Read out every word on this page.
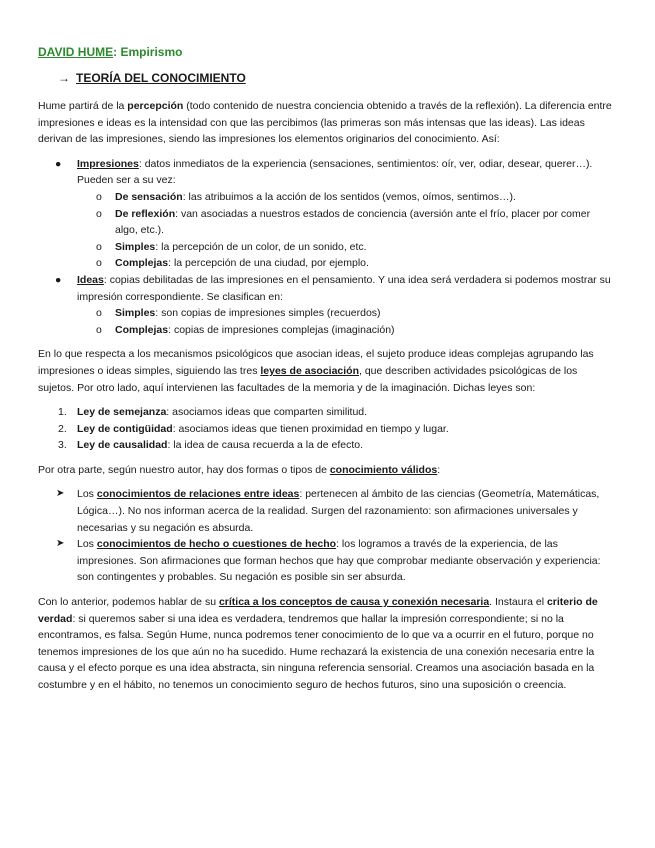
DAVID HUME: Empirismo
→ TEORÍA DEL CONOCIMIENTO

Hume partirá de la percepción (todo contenido de nuestra conciencia obtenido a través de la reflexión). La diferencia entre impresiones e ideas es la intensidad con que las percibimos (las primeras son más intensas que las ideas). Las ideas derivan de las impresiones, siendo las impresiones los elementos originarios del conocimiento. Así:

● Impresiones: datos inmediatos de la experiencia (sensaciones, sentimientos: oír, ver, odiar, desear, querer…). Pueden ser a su vez:
o De sensación: las atribuimos a la acción de los sentidos (vemos, oímos, sentimos…).
o De reflexión: van asociadas a nuestros estados de conciencia (aversión ante el frío, placer por comer algo, etc.).
o Simples: la percepción de un color, de un sonido, etc.
o Complejas: la percepción de una ciudad, por ejemplo.
● Ideas: copias debilitadas de las impresiones en el pensamiento. Y una idea será verdadera si podemos mostrar su impresión correspondiente. Se clasifican en:
o Simples: son copias de impresiones simples (recuerdos)
o Complejas: copias de impresiones complejas (imaginación)

En lo que respecta a los mecanismos psicológicos que asocian ideas, el sujeto produce ideas complejas agrupando las impresiones o ideas simples, siguiendo las tres leyes de asociación, que describen actividades psicológicas de los sujetos. Por otro lado, aquí intervienen las facultades de la memoria y de la imaginación. Dichas leyes son:

1. Ley de semejanza: asociamos ideas que comparten similitud.
2. Ley de contigüidad: asociamos ideas que tienen proximidad en tiempo y lugar.
3. Ley de causalidad: la idea de causa recuerda a la de efecto.

Por otra parte, según nuestro autor, hay dos formas o tipos de conocimiento válidos:

➤ Los conocimientos de relaciones entre ideas: pertenecen al ámbito de las ciencias (Geometría, Matemáticas, Lógica…). No nos informan acerca de la realidad. Surgen del razonamiento: son afirmaciones universales y necesarias y su negación es absurda.
➤ Los conocimientos de hecho o cuestiones de hecho: los logramos a través de la experiencia, de las impresiones. Son afirmaciones que forman hechos que hay que comprobar mediante observación y experiencia: son contingentes y probables. Su negación es posible sin ser absurda.

Con lo anterior, podemos hablar de su crítica a los conceptos de causa y conexión necesaria. Instaura el criterio de verdad: si queremos saber si una idea es verdadera, tendremos que hallar la impresión correspondiente; si no la encontramos, es falsa. Según Hume, nunca podremos tener conocimiento de lo que va a ocurrir en el futuro, porque no tenemos impresiones de los que aún no ha sucedido. Hume rechazará la existencia de una conexión necesaria entre la causa y el efecto porque es una idea abstracta, sin ninguna referencia sensorial. Creamos una asociación basada en la costumbre y en el hábito, no tenemos un conocimiento seguro de hechos futuros, sino una suposición o creencia.
